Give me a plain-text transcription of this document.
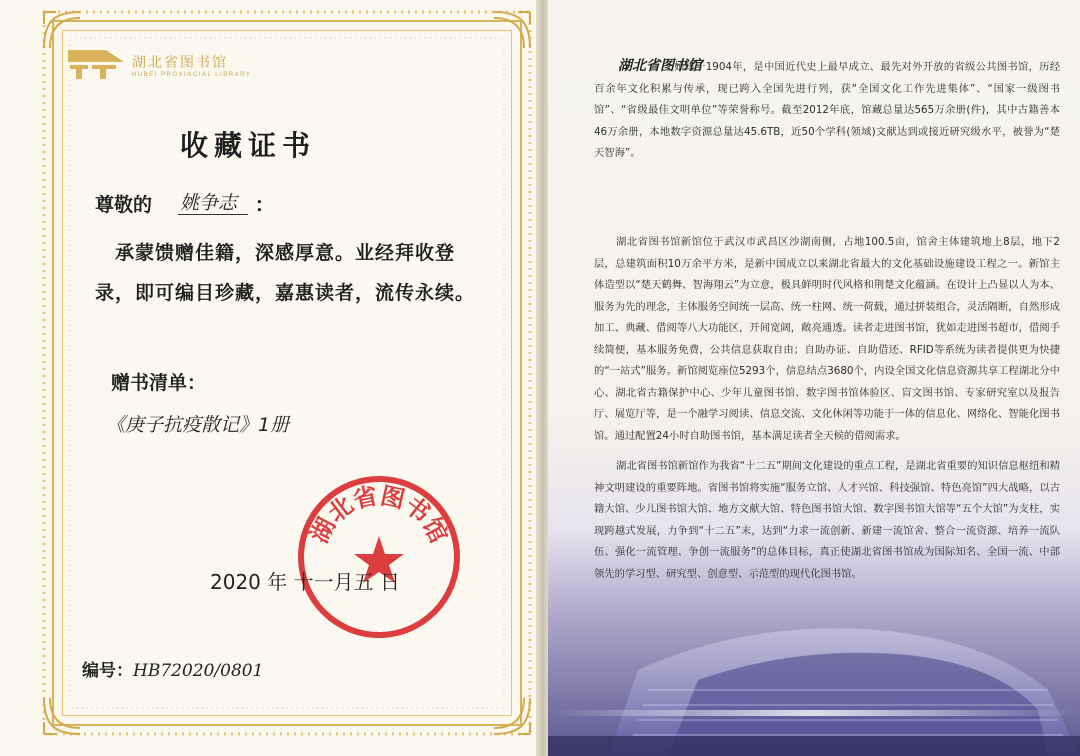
湖北省图书馆
HUBEI PROVINCIAL LIBRARY
收藏证书
尊敬的 姚争志 ：
承蒙馈赠佳籍，深感厚意。业经拜收登
录，即可编目珍藏，嘉惠读者，流传永续。
赠书清单：
《庚子抗疫散记》1册
湖北省图书馆
2020 年 十一月五 日
编号：HB72020/0801
湖北省图书馆

始建于1904年，是中国近代史上最早成立、最先对外开放的省级公共图书馆，历经百余年文化积累与传承，现已跨入全国先进行列，获“全国文化工作先进集体”、“国家一级图书馆”、“省级最佳文明单位”等荣誉称号。截至2012年底，馆藏总量达565万余册(件)，其中古籍善本 46万余册，本地数字资源总量达45.6TB，近50个学科(领域)文献达到或接近研究级水平，被誉为“楚天智海”。

湖北省图书馆新馆位于武汉市武昌区沙湖南侧，占地100.5亩，馆舍主体建筑地上8层，地下2层，总建筑面积10万余平方米，是新中国成立以来湖北省最大的文化基础设施建设工程之一。新馆主体造型以“楚天鹤舞、智海翔云”为立意，极具鲜明时代风格和荆楚文化蕴涵。在设计上凸显以人为本、服务为先的理念，主体服务空间统一层高、统一柱网、统一荷载，通过拼装组合，灵活隔断，自然形成加工、典藏、借阅等八大功能区，开间宽阔，敞亮通透。读者走进图书馆，犹如走进图书超市，借阅手续简便，基本服务免费，公共信息获取自由；自助办证、自助借还、RFID等系统为读者提供更为快捷的“一站式”服务。新馆阅览座位5293个，信息结点3680个，内设全国文化信息资源共享工程湖北分中心、湖北省古籍保护中心、少年儿童图书馆、数字图书馆体验区、盲文图书馆、专家研究室以及报告厅、展览厅等，是一个融学习阅读、信息交流、文化休闲等功能于一体的信息化、网络化、智能化图书馆。通过配置24小时自助图书馆，基本满足读者全天候的借阅需求。

湖北省图书馆新馆作为我省“十二五”期间文化建设的重点工程，是湖北省重要的知识信息枢纽和精神文明建设的重要阵地。省图书馆将实施“服务立馆、人才兴馆、科技强馆、特色亮馆”四大战略，以古籍大馆、少儿图书馆大馆、地方文献大馆、特色图书馆大馆、数字图书馆大馆等“五个大馆”为支柱，实现跨越式发展，力争到“十二五”末，达到“力求一流创新、新建一流馆舍、整合一流资源、培养一流队伍、强化一流管理、争创一流服务”的总体目标，真正使湖北省图书馆成为国际知名、全国一流、中部领先的学习型、研究型、创意型、示范型的现代化图书馆。
